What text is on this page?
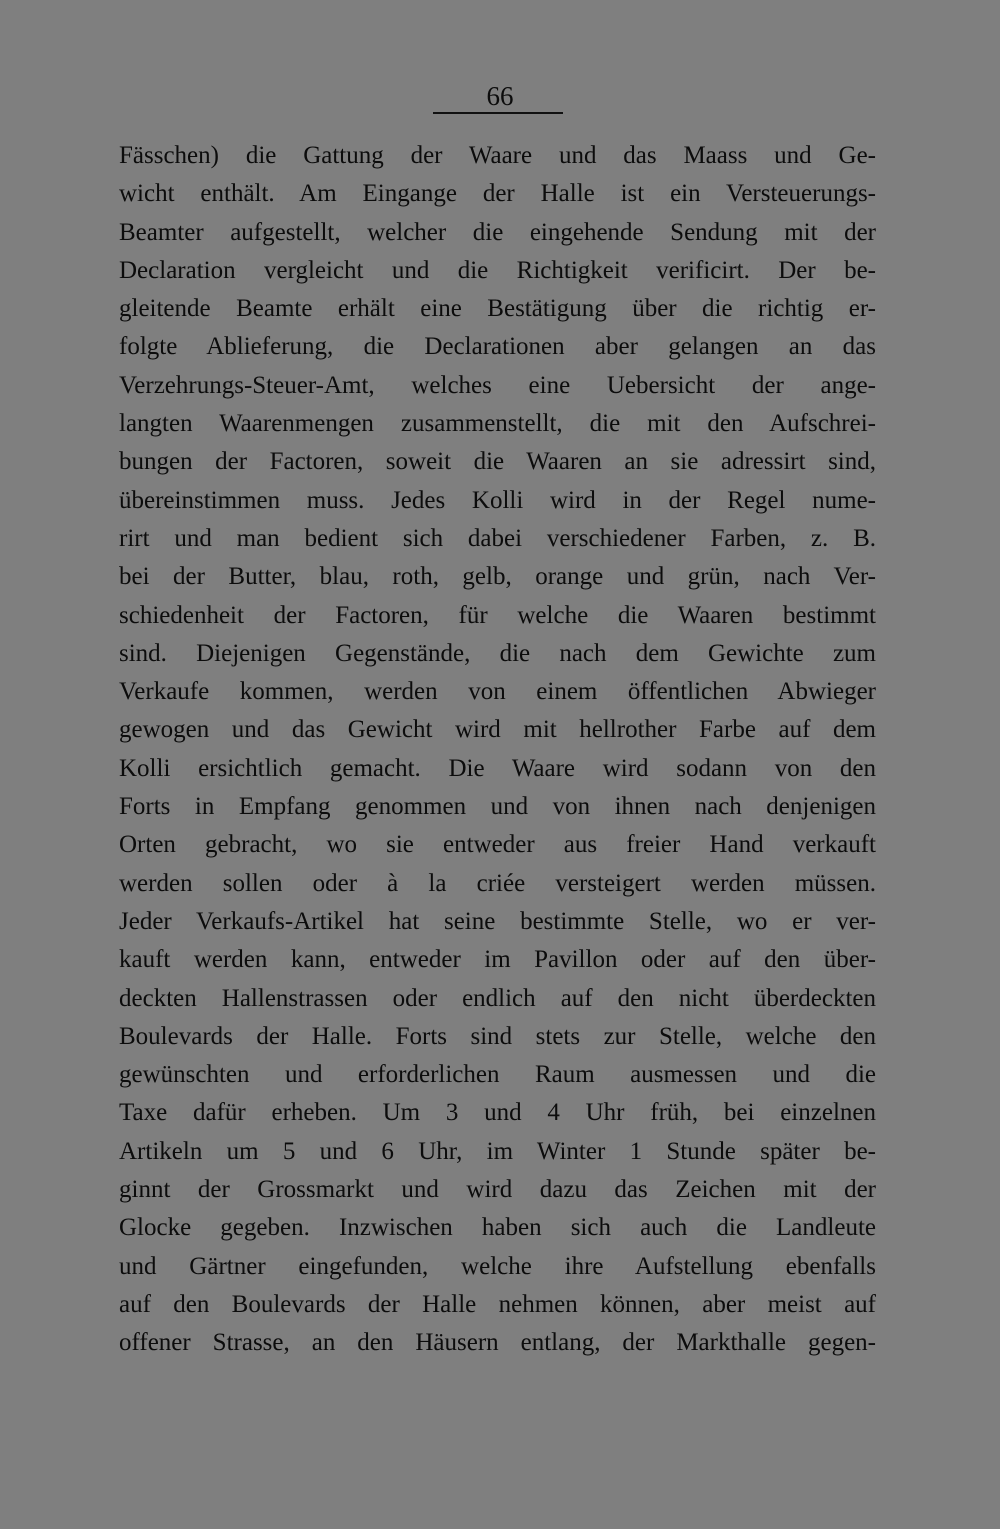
66
Fässchen) die Gattung der Waare und das Maass und Ge-
wicht enthält. Am Eingange der Halle ist ein Versteuerungs-
Beamter aufgestellt, welcher die eingehende Sendung mit der
Declaration vergleicht und die Richtigkeit verificirt. Der be-
gleitende Beamte erhält eine Bestätigung über die richtig er-
folgte Ablieferung, die Declarationen aber gelangen an das
Verzehrungs-Steuer-Amt, welches eine Uebersicht der ange-
langten Waarenmengen zusammenstellt, die mit den Aufschrei-
bungen der Factoren, soweit die Waaren an sie adressirt sind,
übereinstimmen muss. Jedes Kolli wird in der Regel nume-
rirt und man bedient sich dabei verschiedener Farben, z. B.
bei der Butter, blau, roth, gelb, orange und grün, nach Ver-
schiedenheit der Factoren, für welche die Waaren bestimmt
sind. Diejenigen Gegenstände, die nach dem Gewichte zum
Verkaufe kommen, werden von einem öffentlichen Abwieger
gewogen und das Gewicht wird mit hellrother Farbe auf dem
Kolli ersichtlich gemacht. Die Waare wird sodann von den
Forts in Empfang genommen und von ihnen nach denjenigen
Orten gebracht, wo sie entweder aus freier Hand verkauft
werden sollen oder à la criée versteigert werden müssen.
Jeder Verkaufs-Artikel hat seine bestimmte Stelle, wo er ver-
kauft werden kann, entweder im Pavillon oder auf den über-
deckten Hallenstrassen oder endlich auf den nicht überdeckten
Boulevards der Halle. Forts sind stets zur Stelle, welche den
gewünschten und erforderlichen Raum ausmessen und die
Taxe dafür erheben. Um 3 und 4 Uhr früh, bei einzelnen
Artikeln um 5 und 6 Uhr, im Winter 1 Stunde später be-
ginnt der Grossmarkt und wird dazu das Zeichen mit der
Glocke gegeben. Inzwischen haben sich auch die Landleute
und Gärtner eingefunden, welche ihre Aufstellung ebenfalls
auf den Boulevards der Halle nehmen können, aber meist auf
offener Strasse, an den Häusern entlang, der Markthalle gegen-
